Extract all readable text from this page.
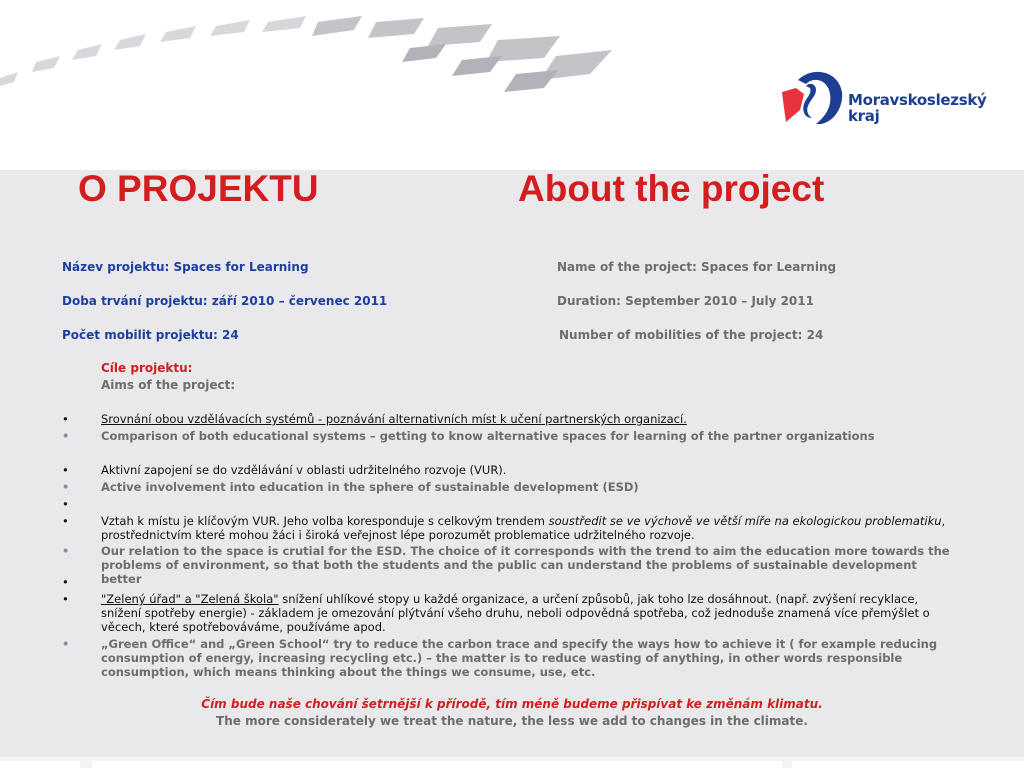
Moravskoslezský
kraj
O PROJEKTU	About the project
Název projektu: Spaces for Learning	Name of the project: Spaces for Learning
Doba trvání projektu: září 2010 – červenec 2011	Duration: September 2010 – July 2011
Počet mobilit projektu: 24	Number of mobilities of the project: 24
Cíle projektu:
Aims of the project:
•	Srovnání obou vzdělávacích systémů - poznávání alternativních míst k učení partnerských organizací.
•	Comparison of both educational systems – getting to know alternative spaces for learning of the partner organizations
•	Aktivní zapojení se do vzdělávání v oblasti udržitelného rozvoje (VUR).
•	Active involvement into education in the sphere of sustainable development (ESD)
•
•	Vztah k místu je klíčovým VUR. Jeho volba koresponduje s celkovým trendem soustředit se ve výchově ve větší míře na ekologickou problematiku, prostřednictvím které mohou žáci i široká veřejnost lépe porozumět problematice udržitelného rozvoje.
•	Our relation to the space is crutial for the ESD. The choice of it corresponds with the trend to aim the education more towards the problems of environment, so that both the students and the public can understand the problems of sustainable development better
•
•	"Zelený úřad" a "Zelená škola" snížení uhlíkové stopy u každé organizace, a určení způsobů, jak toho lze dosáhnout. (např. zvýšení recyklace, snížení spotřeby energie) - základem je omezování plýtvání všeho druhu, neboli odpovědná spotřeba, což jednoduše znamená více přemýšlet o věcech, které spotřebováváme, používáme apod.
•	„Green Office“ and „Green School“ try to reduce the carbon trace and specify the ways how to achieve it ( for example reducing consumption of energy, increasing recycling etc.) – the matter is to reduce wasting of anything, in other words responsible consumption, which means thinking about the things we consume, use, etc.
Čím bude naše chování šetrnější k přírodě, tím méně budeme přispívat ke změnám klimatu.
The more considerately we treat the nature, the less we add to changes in the climate.
